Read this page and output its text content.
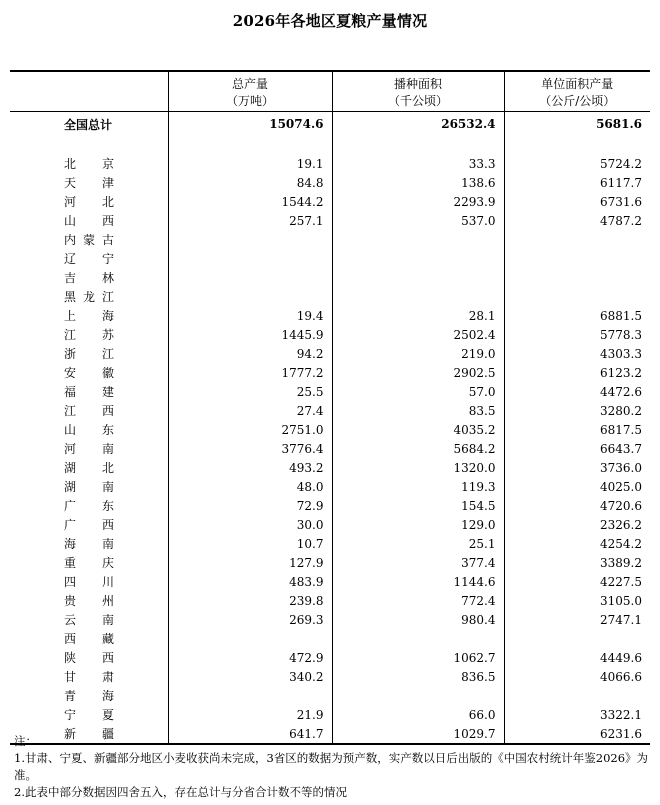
2026年各地区夏粮产量情况
	总产量	播种面积	单位面积产量
	（万吨）	（千公顷）	（公斤/公顷）
全国总计	15074.6	26532.4	5681.6

北 京	19.1	33.3	5724.2

天 津	84.8	138.6	6117.7

河 北	1544.2	2293.9	6731.6

山 西	257.1	537.0	4787.2

内 蒙 古			

辽 宁			

吉 林			

黑 龙 江			

上 海	19.4	28.1	6881.5

江 苏	1445.9	2502.4	5778.3

浙 江	94.2	219.0	4303.3

安 徽	1777.2	2902.5	6123.2

福 建	25.5	57.0	4472.6

江 西	27.4	83.5	3280.2

山 东	2751.0	4035.2	6817.5

河 南	3776.4	5684.2	6643.7

湖 北	493.2	1320.0	3736.0

湖 南	48.0	119.3	4025.0

广 东	72.9	154.5	4720.6

广 西	30.0	129.0	2326.2

海 南	10.7	25.1	4254.2

重 庆	127.9	377.4	3389.2

四 川	483.9	1144.6	4227.5

贵 州	239.8	772.4	3105.0

云 南	269.3	980.4	2747.1

西 藏			

陕 西	472.9	1062.7	4449.6

甘 肃	340.2	836.5	4066.6

青 海			

宁 夏	21.9	66.0	3322.1

新 疆	641.7	1029.7	6231.6
注：
1.甘肃、宁夏、新疆部分地区小麦收获尚未完成，3省区的数据为预产数，实产数以日后出版的《中国农村统计年鉴2026》为准。
2.此表中部分数据因四舍五入，存在总计与分省合计数不等的情况
